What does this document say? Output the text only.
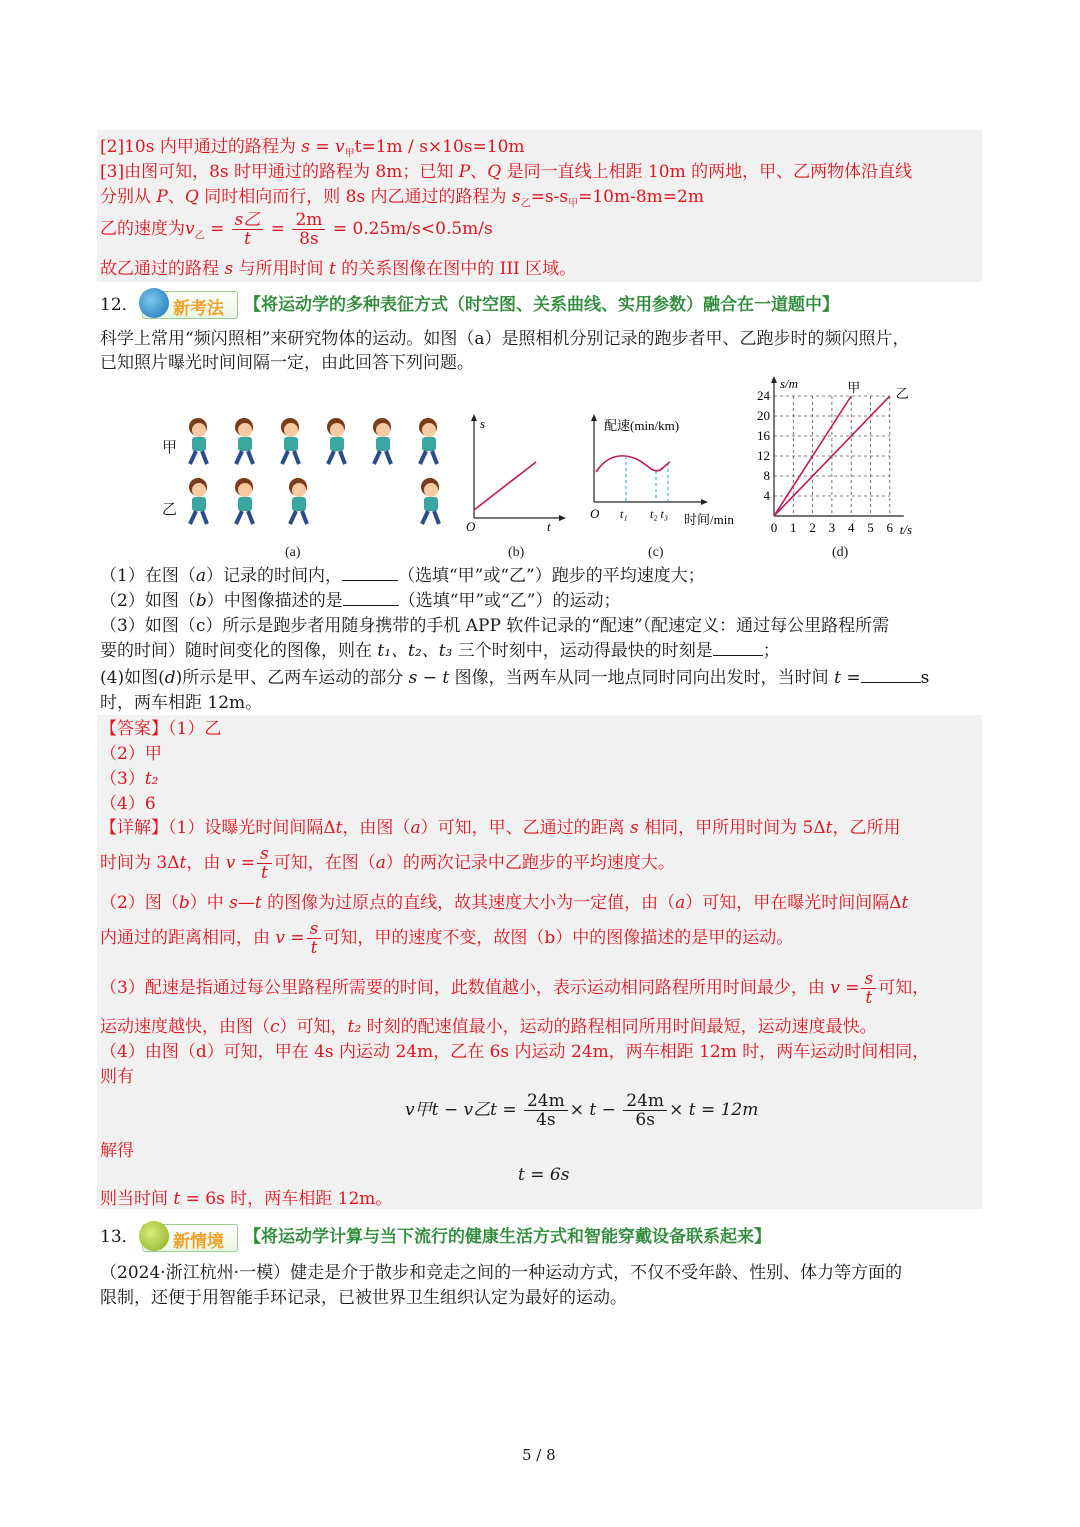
[2]10s 内甲通过的路程为 $s = v_甲t=1m / s\times 10s=10m$
[3]由图可知，8s 时甲通过的路程为 8m；已知 P、Q 是同一直线上相距 10m 的两地，甲、乙两物体沿直线
分别从 P、Q 同时相向而行，则 8s 内乙通过的路程为 $s_乙=s-s_甲=10m-8m=2m$
乙的速度为$v_乙 = \frac{\text{s乙}}{t} = \frac{2m}{8s} = 0.25m/s<0.5m/s$
故乙通过的路程 s 与所用时间 t 的关系图像在图中的 III 区域。
12． 新考法 【将运动学的多种表征方式（时空图、关系曲线、实用参数）融合在一道题中】
科学上常用“频闪照相”来研究物体的运动。如图（a）是照相机分别记录的跑步者甲、乙跑步时的频闪照片，
已知照片曝光时间间隔一定，由此回答下列问题。
甲
乙
(a)
s
O	t
(b)
配速(min/km)
O t₁ t₂ t₃ 时间/min
(c)
4
8
12
16
20
24
0 1 2 3 4 5 6
s/m
t/s
甲	乙
(d)
（1）在图（a）记录的时间内，	（选填“甲”或“乙”）跑步的平均速度大；
（2）如图（b）中图像描述的是	（选填“甲”或“乙”）的运动；
（3）如图（c）所示是跑步者用随身携带的手机 APP 软件记录的“配速”（配速定义：通过每公里路程所需
要的时间）随时间变化的图像，则在 t₁、t₂、t₃ 三个时刻中，运动得最快的时刻是	；
(4)如图(d)所示是甲、乙两车运动的部分 s − t 图像，当两车从同一地点同时同向出发时，当时间 t =	s
时，两车相距 12m。
【答案】（1）乙
（2）甲
（3）t₂
（4）6
【详解】（1）设曝光时间间隔Δt，由图（a）可知，甲、乙通过的距离 s 相同，甲所用时间为 5Δt，乙所用
时间为 3Δt，由 $v = \frac{s}{t}$ 可知，在图（a）的两次记录中乙跑步的平均速度大。
（2）图（b）中 s—t 的图像为过原点的直线，故其速度大小为一定值，由（a）可知，甲在曝光时间间隔Δt
内通过的距离相同，由 $v = \frac{s}{t}$ 可知，甲的速度不变，故图（b）中的图像描述的是甲的运动。
（3）配速是指通过每公里路程所需要的时间，此数值越小，表示运动相同路程所用时间最少，由 $v = \frac{s}{t}$ 可知，
运动速度越快，由图（c）可知，t₂ 时刻的配速值最小，运动的路程相同所用时间最短，运动速度最快。
（4）由图（d）可知，甲在 4s 内运动 24m，乙在 6s 内运动 24m，两车相距 12m 时，两车运动时间相同，
则有
v甲t − v乙$t = \frac{24m}{4s} \times t - \frac{24m}{6s} \times t = 12m$
解得
t = 6s
则当时间 t = 6s 时，两车相距 12m。
13． 新情境 【将运动学计算与当下流行的健康生活方式和智能穿戴设备联系起来】
（2024·浙江杭州·一模）健走是介于散步和竞走之间的一种运动方式，不仅不受年龄、性别、体力等方面的
限制，还便于用智能手环记录，已被世界卫生组织认定为最好的运动。
5 / 8
